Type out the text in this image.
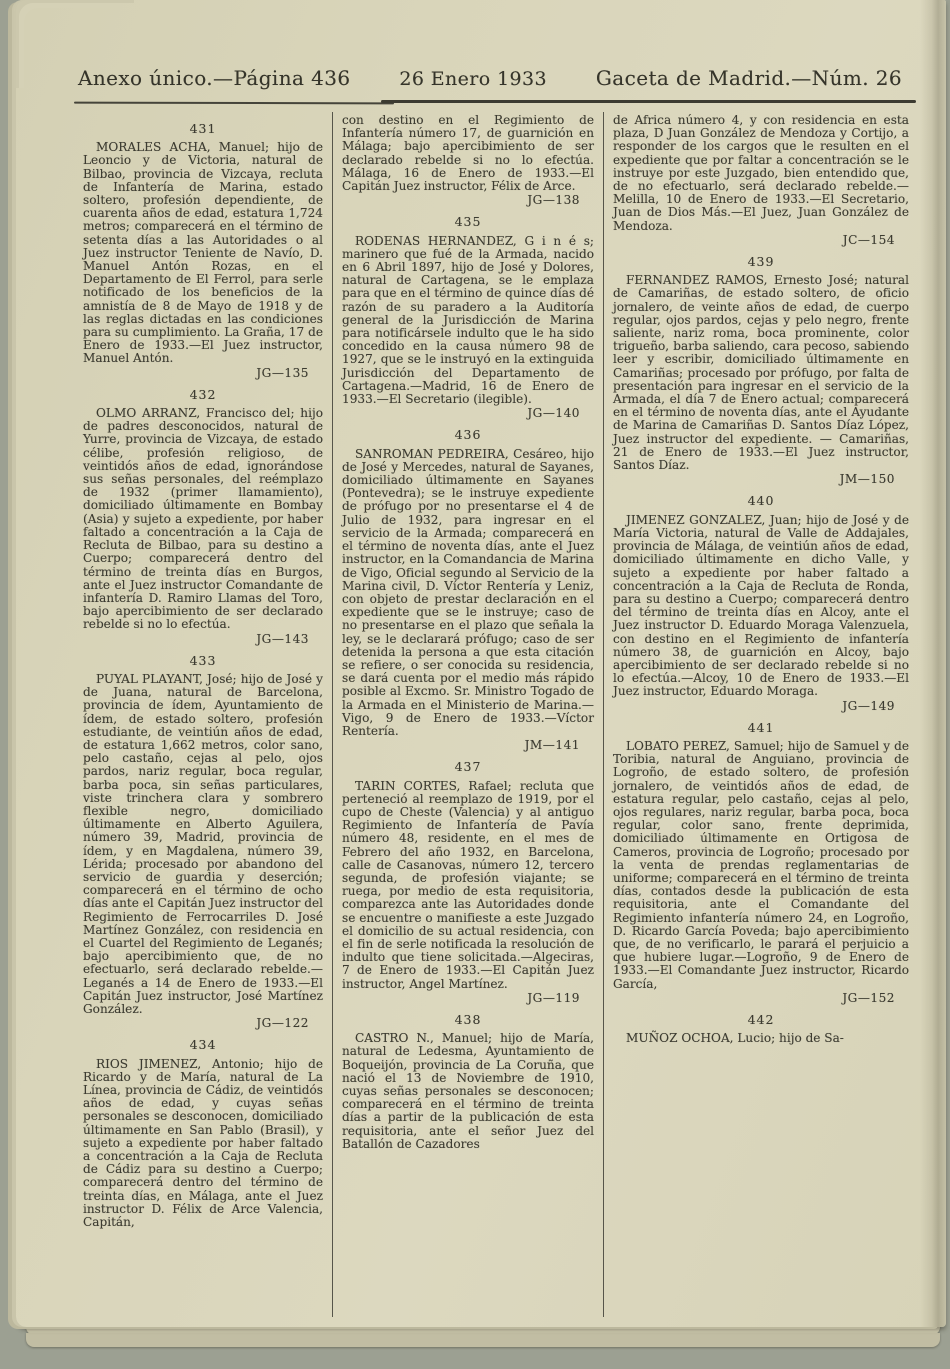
Anexo único.—Página 436	26 Enero 1933 Gaceta de Madrid.—Núm. 26
431
MORALES ACHA, Manuel; hijo de Leoncio y de Victoria, natural de Bilbao, provincia de Vizcaya, recluta de Infantería de Marina, estado soltero, profesión dependiente, de cuarenta años de edad, estatura 1,724 metros; comparecerá en el término de setenta días a las Autoridades o al Juez instructor Teniente de Navío, D. Manuel Antón Rozas, en el Departamento de El Ferrol, para serle notificado de los beneficios de la amnistía de 8 de Mayo de 1918 y de las reglas dictadas en las condiciones para su cumplimiento. La Graña, 17 de Enero de 1933.—El Juez instructor, Manuel Antón.
JG—135
432
OLMO ARRANZ, Francisco del; hijo de padres desconocidos, natural de Yurre, provincia de Vizcaya, de estado célibe, profesión religioso, de veintidós años de edad, ignorándose sus señas personales, del reémplazo de 1932 (primer llamamiento), domiciliado últimamente en Bombay (Asia) y sujeto a expediente, por haber faltado a concentración a la Caja de Recluta de Bilbao, para su destino a Cuerpo; comparecerá dentro del término de treinta días en Burgos, ante el Juez instructor Comandante de infantería D. Ramiro Llamas del Toro, bajo apercibimiento de ser declarado rebelde si no lo efectúa.
JG—143
433
PUYAL PLAYANT, José; hijo de José y de Juana, natural de Barcelona, provincia de ídem, Ayuntamiento de ídem, de estado soltero, profesión estudiante, de veintiún años de edad, de estatura 1,662 metros, color sano, pelo castaño, cejas al pelo, ojos pardos, nariz regular, boca regular, barba poca, sin señas particulares, viste trinchera clara y sombrero flexible negro, domiciliado últimamente en Alberto Aguilera, número 39, Madrid, provincia de ídem, y en Magdalena, número 39, Lérida; procesado por abandono del servicio de guardia y deserción; comparecerá en el término de ocho días ante el Capitán Juez instructor del Regimiento de Ferrocarriles D. José Martínez González, con residencia en el Cuartel del Regimiento de Leganés; bajo apercibimiento que, de no efectuarlo, será declarado rebelde.—Leganés a 14 de Enero de 1933.—El Capitán Juez instructor, José Martínez González.
JG—122
434
RIOS JIMENEZ, Antonio; hijo de Ricardo y de María, natural de La Línea, provincia de Cádiz, de veintidós años de edad, y cuyas señas personales se desconocen, domiciliado últimamente en San Pablo (Brasil), y sujeto a expediente por haber faltado a concentración a la Caja de Recluta de Cádiz para su destino a Cuerpo; comparecerá dentro del término de treinta días, en Málaga, ante el Juez instructor D. Félix de Arce Valencia, Capitán,
con destino en el Regimiento de Infantería número 17, de guarnición en Málaga; bajo apercibimiento de ser declarado rebelde si no lo efectúa. Málaga, 16 de Enero de 1933.—El Capitán Juez instructor, Félix de Arce.
JG—138
435
RODENAS HERNANDEZ, G i n é s; marinero que fué de la Armada, nacido en 6 Abril 1897, hijo de José y Dolores, natural de Cartagena, se le emplaza para que en el término de quince días dé razón de su paradero a la Auditoría general de la Jurisdicción de Marina para notificársele indulto que le ha sido concedido en la causa número 98 de 1927, que se le instruyó en la extinguida Jurisdicción del Departamento de Cartagena.—Madrid, 16 de Enero de 1933.—El Secretario (ilegible).
JG—140
436
SANROMAN PEDREIRA, Cesáreo, hijo de José y Mercedes, natural de Sayanes, domiciliado últimamente en Sayanes (Pontevedra); se le instruye expediente de prófugo por no presentarse el 4 de Julio de 1932, para ingresar en el servicio de la Armada; comparecerá en el término de noventa días, ante el Juez instructor, en la Comandancia de Marina de Vigo, Oficial segundo al Servicio de la Marina civil, D. Víctor Rentería y Leniz, con objeto de prestar declaración en el expediente que se le instruye; caso de no presentarse en el plazo que señala la ley, se le declarará prófugo; caso de ser detenida la persona a que esta citación se refiere, o ser conocida su residencia, se dará cuenta por el medio más rápido posible al Excmo. Sr. Ministro Togado de la Armada en el Ministerio de Marina.—Vigo, 9 de Enero de 1933.—Víctor Rentería.
JM—141
437
TARIN CORTES, Rafael; recluta que perteneció al reemplazo de 1919, por el cupo de Cheste (Valencia) y al antiguo Regimiento de Infantería de Pavía número 48, residente, en el mes de Febrero del año 1932, en Barcelona, calle de Casanovas, número 12, tercero segunda, de profesión viajante; se ruega, por medio de esta requisitoria, comparezca ante las Autoridades donde se encuentre o manifieste a este Juzgado el domicilio de su actual residencia, con el fin de serle notificada la resolución de indulto que tiene solicitada.—Algeciras, 7 de Enero de 1933.—El Capitán Juez instructor, Angel Martínez.
JG—119
438
CASTRO N., Manuel; hijo de María, natural de Ledesma, Ayuntamiento de Boqueijón, provincia de La Coruña, que nació el 13 de Noviembre de 1910, cuyas señas personales se desconocen; comparecerá en el término de treinta días a partir de la publicación de esta requisitoria, ante el señor Juez del Batallón de Cazadores
de Africa número 4, y con residencia en esta plaza, D Juan González de Mendoza y Cortijo, a responder de los cargos que le resulten en el expediente que por faltar a concentración se le instruye por este Juzgado, bien entendido que, de no efectuarlo, será declarado rebelde.—Melilla, 10 de Enero de 1933.—El Secretario, Juan de Dios Más.—El Juez, Juan González de Mendoza.
JC—154
439
FERNANDEZ RAMOS, Ernesto José; natural de Camariñas, de estado soltero, de oficio jornalero, de veinte años de edad, de cuerpo regular, ojos pardos, cejas y pelo negro, frente saliente, nariz roma, boca prominente, color trigueño, barba saliendo, cara pecoso, sabiendo leer y escribir, domiciliado últimamente en Camariñas; procesado por prófugo, por falta de presentación para ingresar en el servicio de la Armada, el día 7 de Enero actual; comparecerá en el término de noventa días, ante el Ayudante de Marina de Camariñas D. Santos Díaz López, Juez instructor del expediente. — Camariñas, 21 de Enero de 1933.—El Juez instructor, Santos Díaz.
JM—150
440
JIMENEZ GONZALEZ, Juan; hijo de José y de María Victoria, natural de Valle de Addajales, provincia de Málaga, de veintiún años de edad, domiciliado últimamente en dicho Valle, y sujeto a expediente por haber faltado a concentración a la Caja de Recluta de Ronda, para su destino a Cuerpo; comparecerá dentro del término de treinta días en Alcoy, ante el Juez instructor D. Eduardo Moraga Valenzuela, con destino en el Regimiento de infantería número 38, de guarnición en Alcoy, bajo apercibimiento de ser declarado rebelde si no lo efectúa.—Alcoy, 10 de Enero de 1933.—El Juez instructor, Eduardo Moraga.
JG—149
441
LOBATO PEREZ, Samuel; hijo de Samuel y de Toribia, natural de Anguiano, provincia de Logroño, de estado soltero, de profesión jornalero, de veintidós años de edad, de estatura regular, pelo castaño, cejas al pelo, ojos regulares, nariz regular, barba poca, boca regular, color sano, frente deprimida, domiciliado últimamente en Ortigosa de Cameros, provincia de Logroño; procesado por la venta de prendas reglamentarias de uniforme; comparecerá en el término de treinta días, contados desde la publicación de esta requisitoria, ante el Comandante del Regimiento infantería número 24, en Logroño, D. Ricardo García Poveda; bajo apercibimiento que, de no verificarlo, le parará el perjuicio a que hubiere lugar.—Logroño, 9 de Enero de 1933.—El Comandante Juez instructor, Ricardo García,
JG—152
442
MUÑOZ OCHOA, Lucio; hijo de Sa-
